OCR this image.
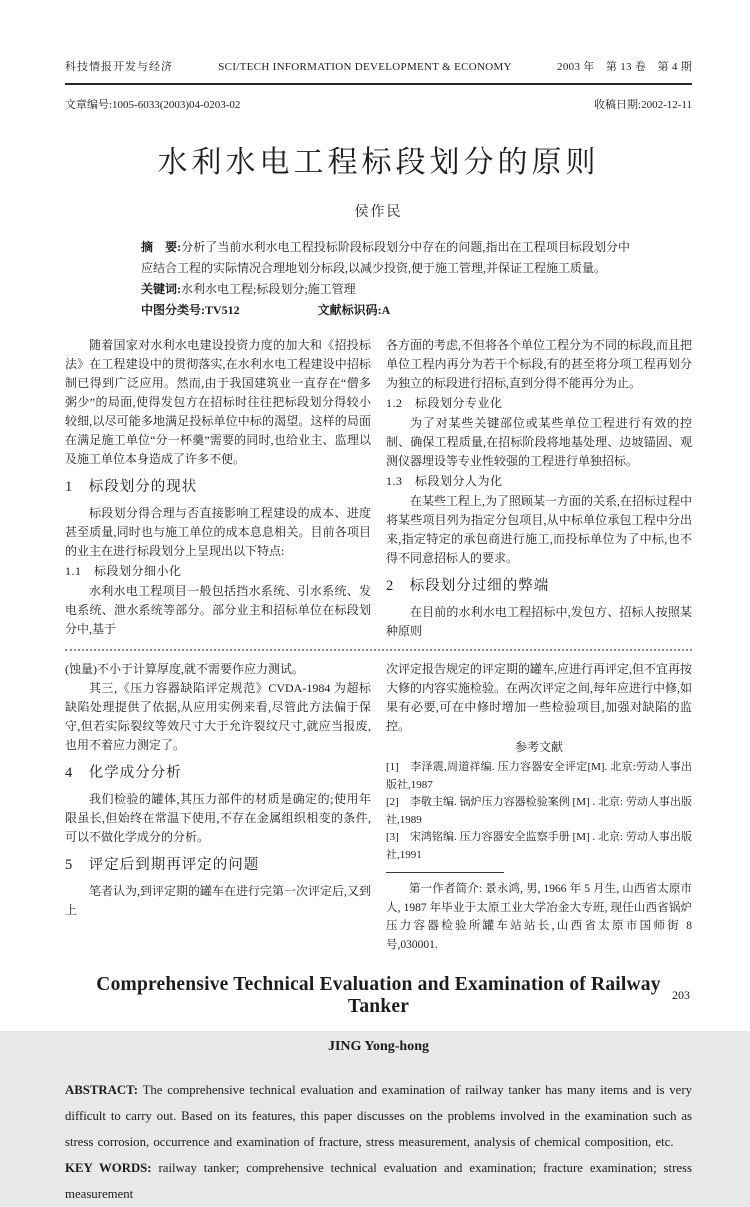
科技情报开发与经济	SCI/TECH INFORMATION DEVELOPMENT & ECONOMY	2003 年　第 13 卷　第 4 期
文章编号:1005-6033(2003)04-0203-02	收稿日期:2002-12-11
水利水电工程标段划分的原则
侯作民

摘　要:分析了当前水利水电工程投标阶段标段划分中存在的问题,指出在工程项目标段划分中应结合工程的实际情况合理地划分标段,以减少投资,便于施工管理,并保证工程施工质量。

关键词:水利水电工程;标段划分;施工管理

中图分类号:TV512	文献标识码:A

随着国家对水利水电建设投资力度的加大和《招投标法》在工程建设中的贯彻落实,在水利水电工程建设中招标制已得到广泛应用。然而,由于我国建筑业一直存在“僧多粥少”的局面,使得发包方在招标时往往把标段划分得较小较细,以尽可能多地满足投标单位中标的渴望。这样的局面在满足施工单位“分一杯羹”需要的同时,也给业主、监理以及施工单位本身造成了许多不便。
1　标段划分的现状
标段划分得合理与否直接影响工程建设的成本、进度甚至质量,同时也与施工单位的成本息息相关。目前各项目的业主在进行标段划分上呈现出以下特点:
1.1　标段划分细小化
水利水电工程项目一般包括挡水系统、引水系统、发电系统、泄水系统等部分。部分业主和招标单位在标段划分中,基于
各方面的考虑,不但将各个单位工程分为不同的标段,而且把单位工程内再分为若干个标段,有的甚至将分项工程再划分为独立的标段进行招标,直到分得不能再分为止。
1.2　标段划分专业化
为了对某些关键部位或某些单位工程进行有效的控制、确保工程质量,在招标阶段将地基处理、边坡锚固、观测仪器埋设等专业性较强的工程进行单独招标。
1.3　标段划分人为化
在某些工程上,为了照顾某一方面的关系,在招标过程中将某些项目列为指定分包项目,从中标单位承包工程中分出来,指定特定的承包商进行施工,而投标单位为了中标,也不得不同意招标人的要求。
2　标段划分过细的弊端
在目前的水利水电工程招标中,发包方、招标人按照某种原则
(蚀量)不小于计算厚度,就不需要作应力测试。
其三,《压力容器缺陷评定规范》CVDA-1984 为超标缺陷处理提供了依据,从应用实例来看,尽管此方法偏于保守,但若实际裂纹等效尺寸大于允许裂纹尺寸,就应当报废,也用不着应力测定了。
4　化学成分分析
我们检验的罐体,其压力部件的材质是确定的;使用年限虽长,但始终在常温下使用,不存在金属组织相变的条件,可以不做化学成分的分析。
5　评定后到期再评定的问题
笔者认为,到评定期的罐车在进行完第一次评定后,又到上
次评定报告规定的评定期的罐车,应进行再评定,但不宜再按大修的内容实施检验。在两次评定之间,每年应进行中修,如果有必要,可在中修时增加一些检验项目,加强对缺陷的监控。
参考文献
[1]　李泽震,周道祥编. 压力容器安全评定[M]. 北京:劳动人事出版社,1987
[2]　李敬主编. 锅炉压力容器检验案例 [M] . 北京: 劳动人事出版社,1989
[3]　宋鸿铭编. 压力容器安全监察手册 [M] . 北京: 劳动人事出版社,1991
第一作者简介: 景永鸿, 男, 1966 年 5 月生, 山西省太原市人, 1987 年毕业于太原工业大学冶金大专班, 现任山西省锅炉压力容器检验所罐车站站长,山西省太原市国师街 8 号,030001.
Comprehensive Technical Evaluation and Examination of Railway Tanker
JING Yong-hong

ABSTRACT: The comprehensive technical evaluation and examination of railway tanker has many items and is very difficult to carry out. Based on its features, this paper discusses on the problems involved in the examination such as stress corrosion, occurrence and examination of fracture, stress measurement, analysis of chemical composition, etc.

KEY WORDS: railway tanker; comprehensive technical evaluation and examination; fracture examination; stress measurement

203
